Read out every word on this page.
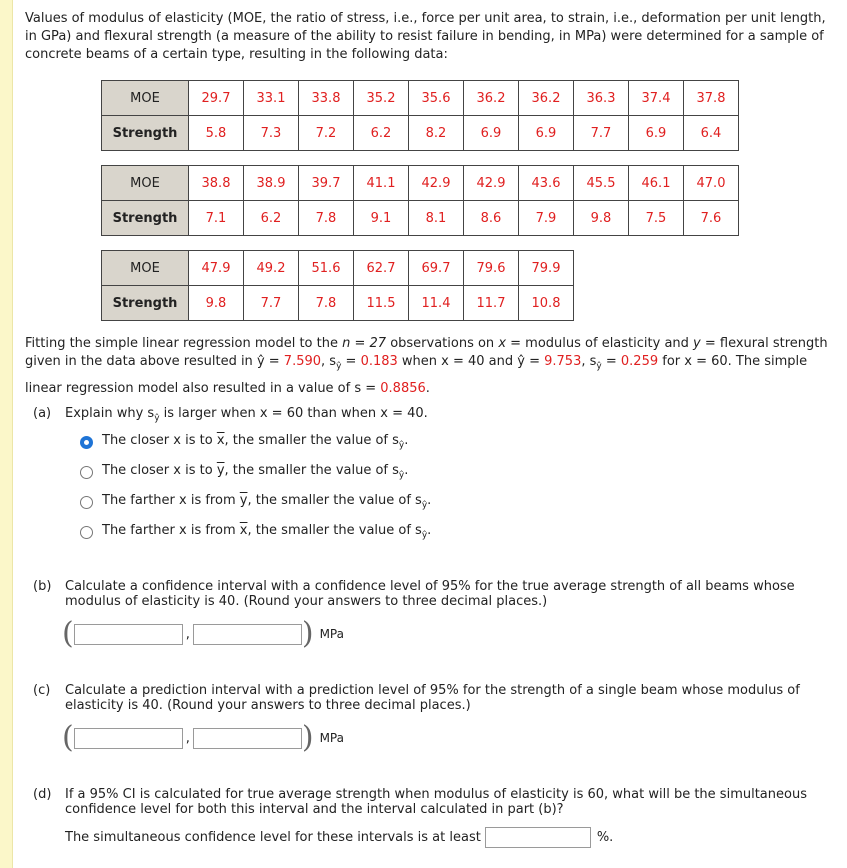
Values of modulus of elasticity (MOE, the ratio of stress, i.e., force per unit area, to strain, i.e., deformation per unit length, in GPa) and flexural strength (a measure of the ability to resist failure in bending, in MPa) were determined for a sample of concrete beams of a certain type, resulting in the following data:

MOE	29.7	33.1	33.8	35.2	35.6	36.2	36.2	36.3	37.4	37.8
Strength	5.8	7.3	7.2	6.2	8.2	6.9	6.9	7.7	6.9	6.4
MOE	38.8	38.9	39.7	41.1	42.9	42.9	43.6	45.5	46.1	47.0
Strength	7.1	6.2	7.8	9.1	8.1	8.6	7.9	9.8	7.5	7.6
MOE	47.9	49.2	51.6	62.7	69.7	79.6	79.9
Strength	9.8	7.7	7.8	11.5	11.4	11.7	10.8

Fitting the simple linear regression model to the n = 27 observations on x = modulus of elasticity and y = flexural strength

given in the data above resulted in ŷ = 7.590, $s_ŷ = 0.183$ when x = 40 and ŷ = 9.753, $s_ŷ = 0.259$ for x = 60. The simple

linear regression model also resulted in a value of s = 0.8856.

(a)	Explain why $s_ŷ$ is larger when x = 60 than when x = 40.
The closer x is to $\overline{x}$, the smaller the value of $s_ŷ$.
The closer x is to $\overline{y}$, the smaller the value of $s_ŷ$.
The farther x is from $\overline{y}$, the smaller the value of $s_ŷ$.
The farther x is from $\overline{x}$, the smaller the value of $s_ŷ$.
(b)	Calculate a confidence interval with a confidence level of 95% for the true average strength of all beams whose modulus of elasticity is 40. (Round your answers to three decimal places.)
(	,	) MPa
(c)	Calculate a prediction interval with a prediction level of 95% for the strength of a single beam whose modulus of elasticity is 40. (Round your answers to three decimal places.)
(	,	) MPa
(d)	If a 95% CI is calculated for true average strength when modulus of elasticity is 60, what will be the simultaneous confidence level for both this interval and the interval calculated in part (b)?
The simultaneous confidence level for these intervals is at least	%.
